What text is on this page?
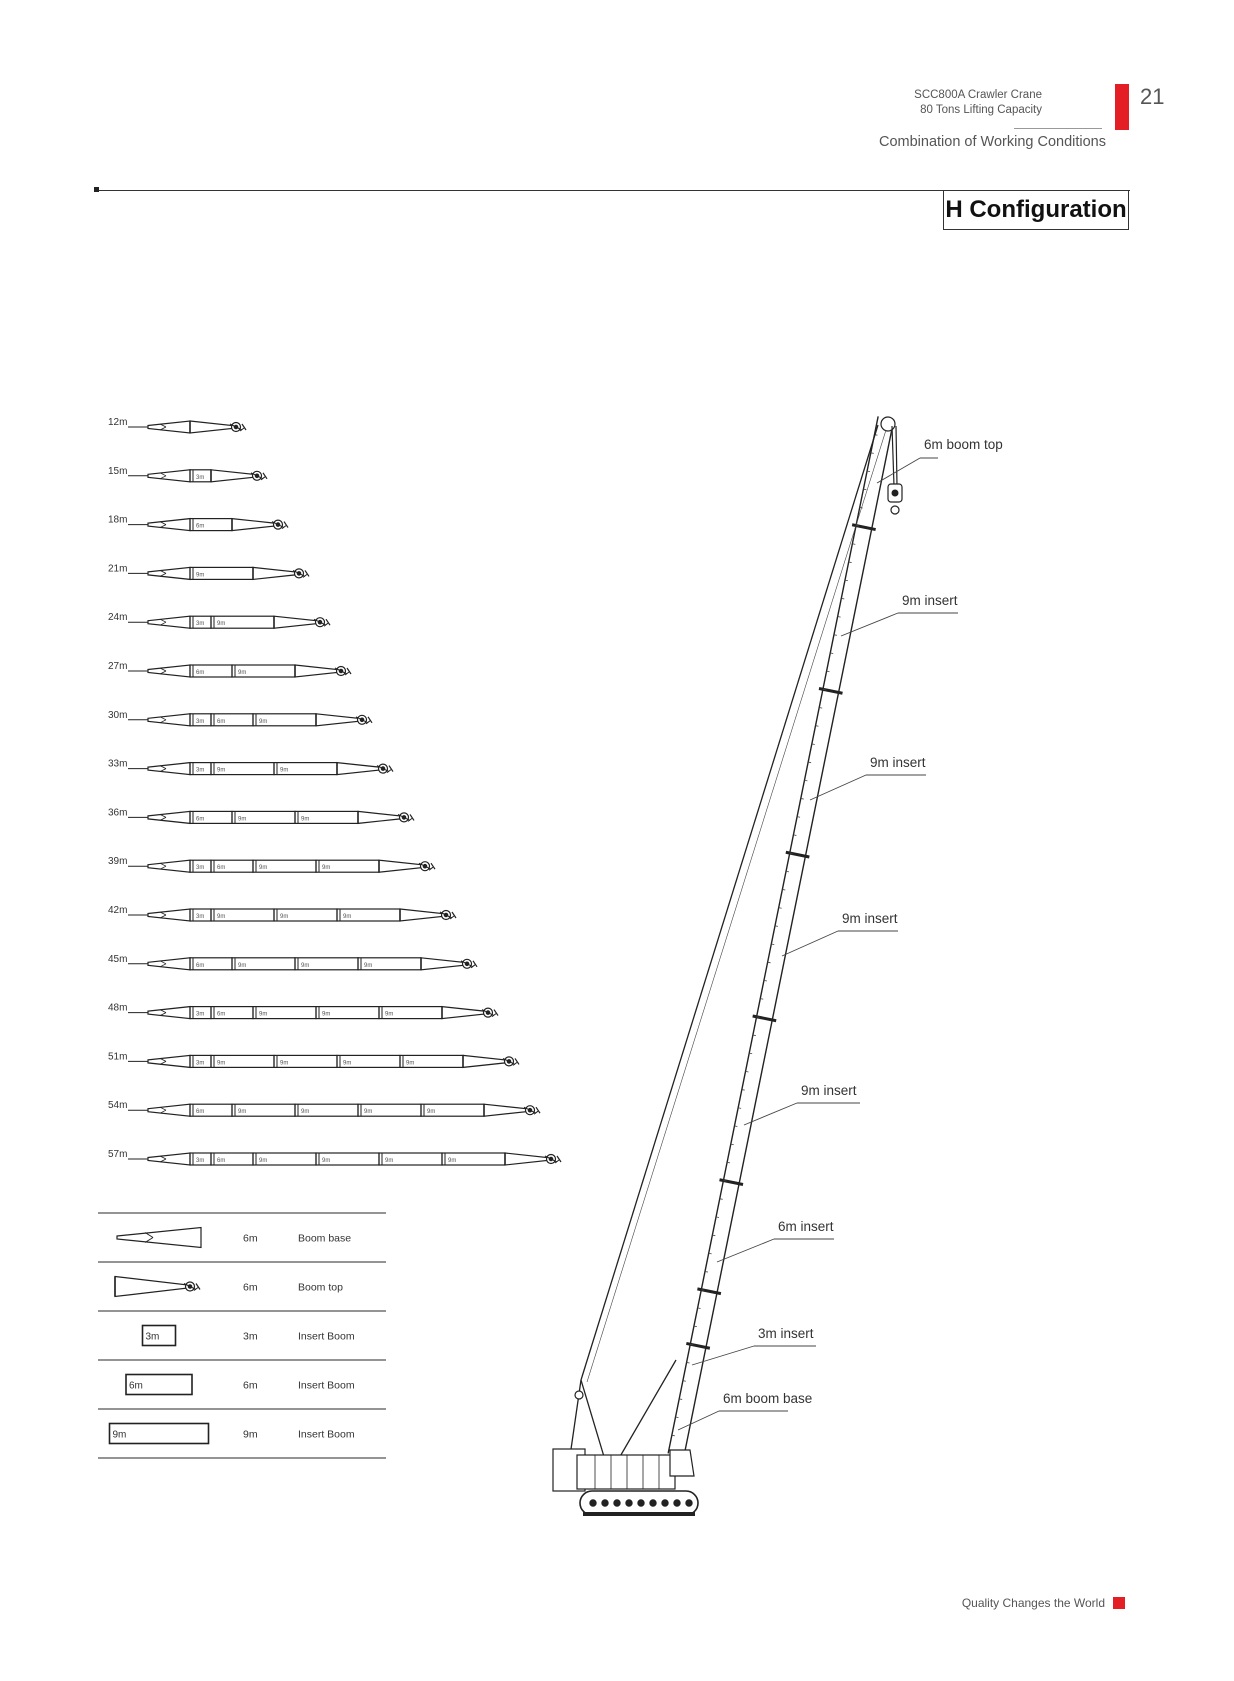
SCC800A Crawler Crane
80 Tons Lifting Capacity
21
Combination of Working Conditions
H Configuration
12m
15m
3m
18m
6m
21m
9m
24m
3m 9m
27m
6m	9m
30m
3m 6m	9m
33m
3m 9m	9m
36m
6m	9m	9m
39m
3m 6m	9m	9m
42m
3m 9m	9m	9m
45m
6m	9m	9m	9m
48m
3m 6m	9m	9m	9m
51m
3m 9m	9m	9m	9m
54m
6m	9m	9m	9m	9m
57m
3m 6m	9m	9m	9m	9m
6m	Boom base
6m	Boom top
3m	3m	Insert Boom
6m	6m	Insert Boom
9m	9m	Insert Boom
6m boom top
9m insert
9m insert
9m insert
9m insert
6m insert
3m insert
6m boom base
Quality Changes the World
